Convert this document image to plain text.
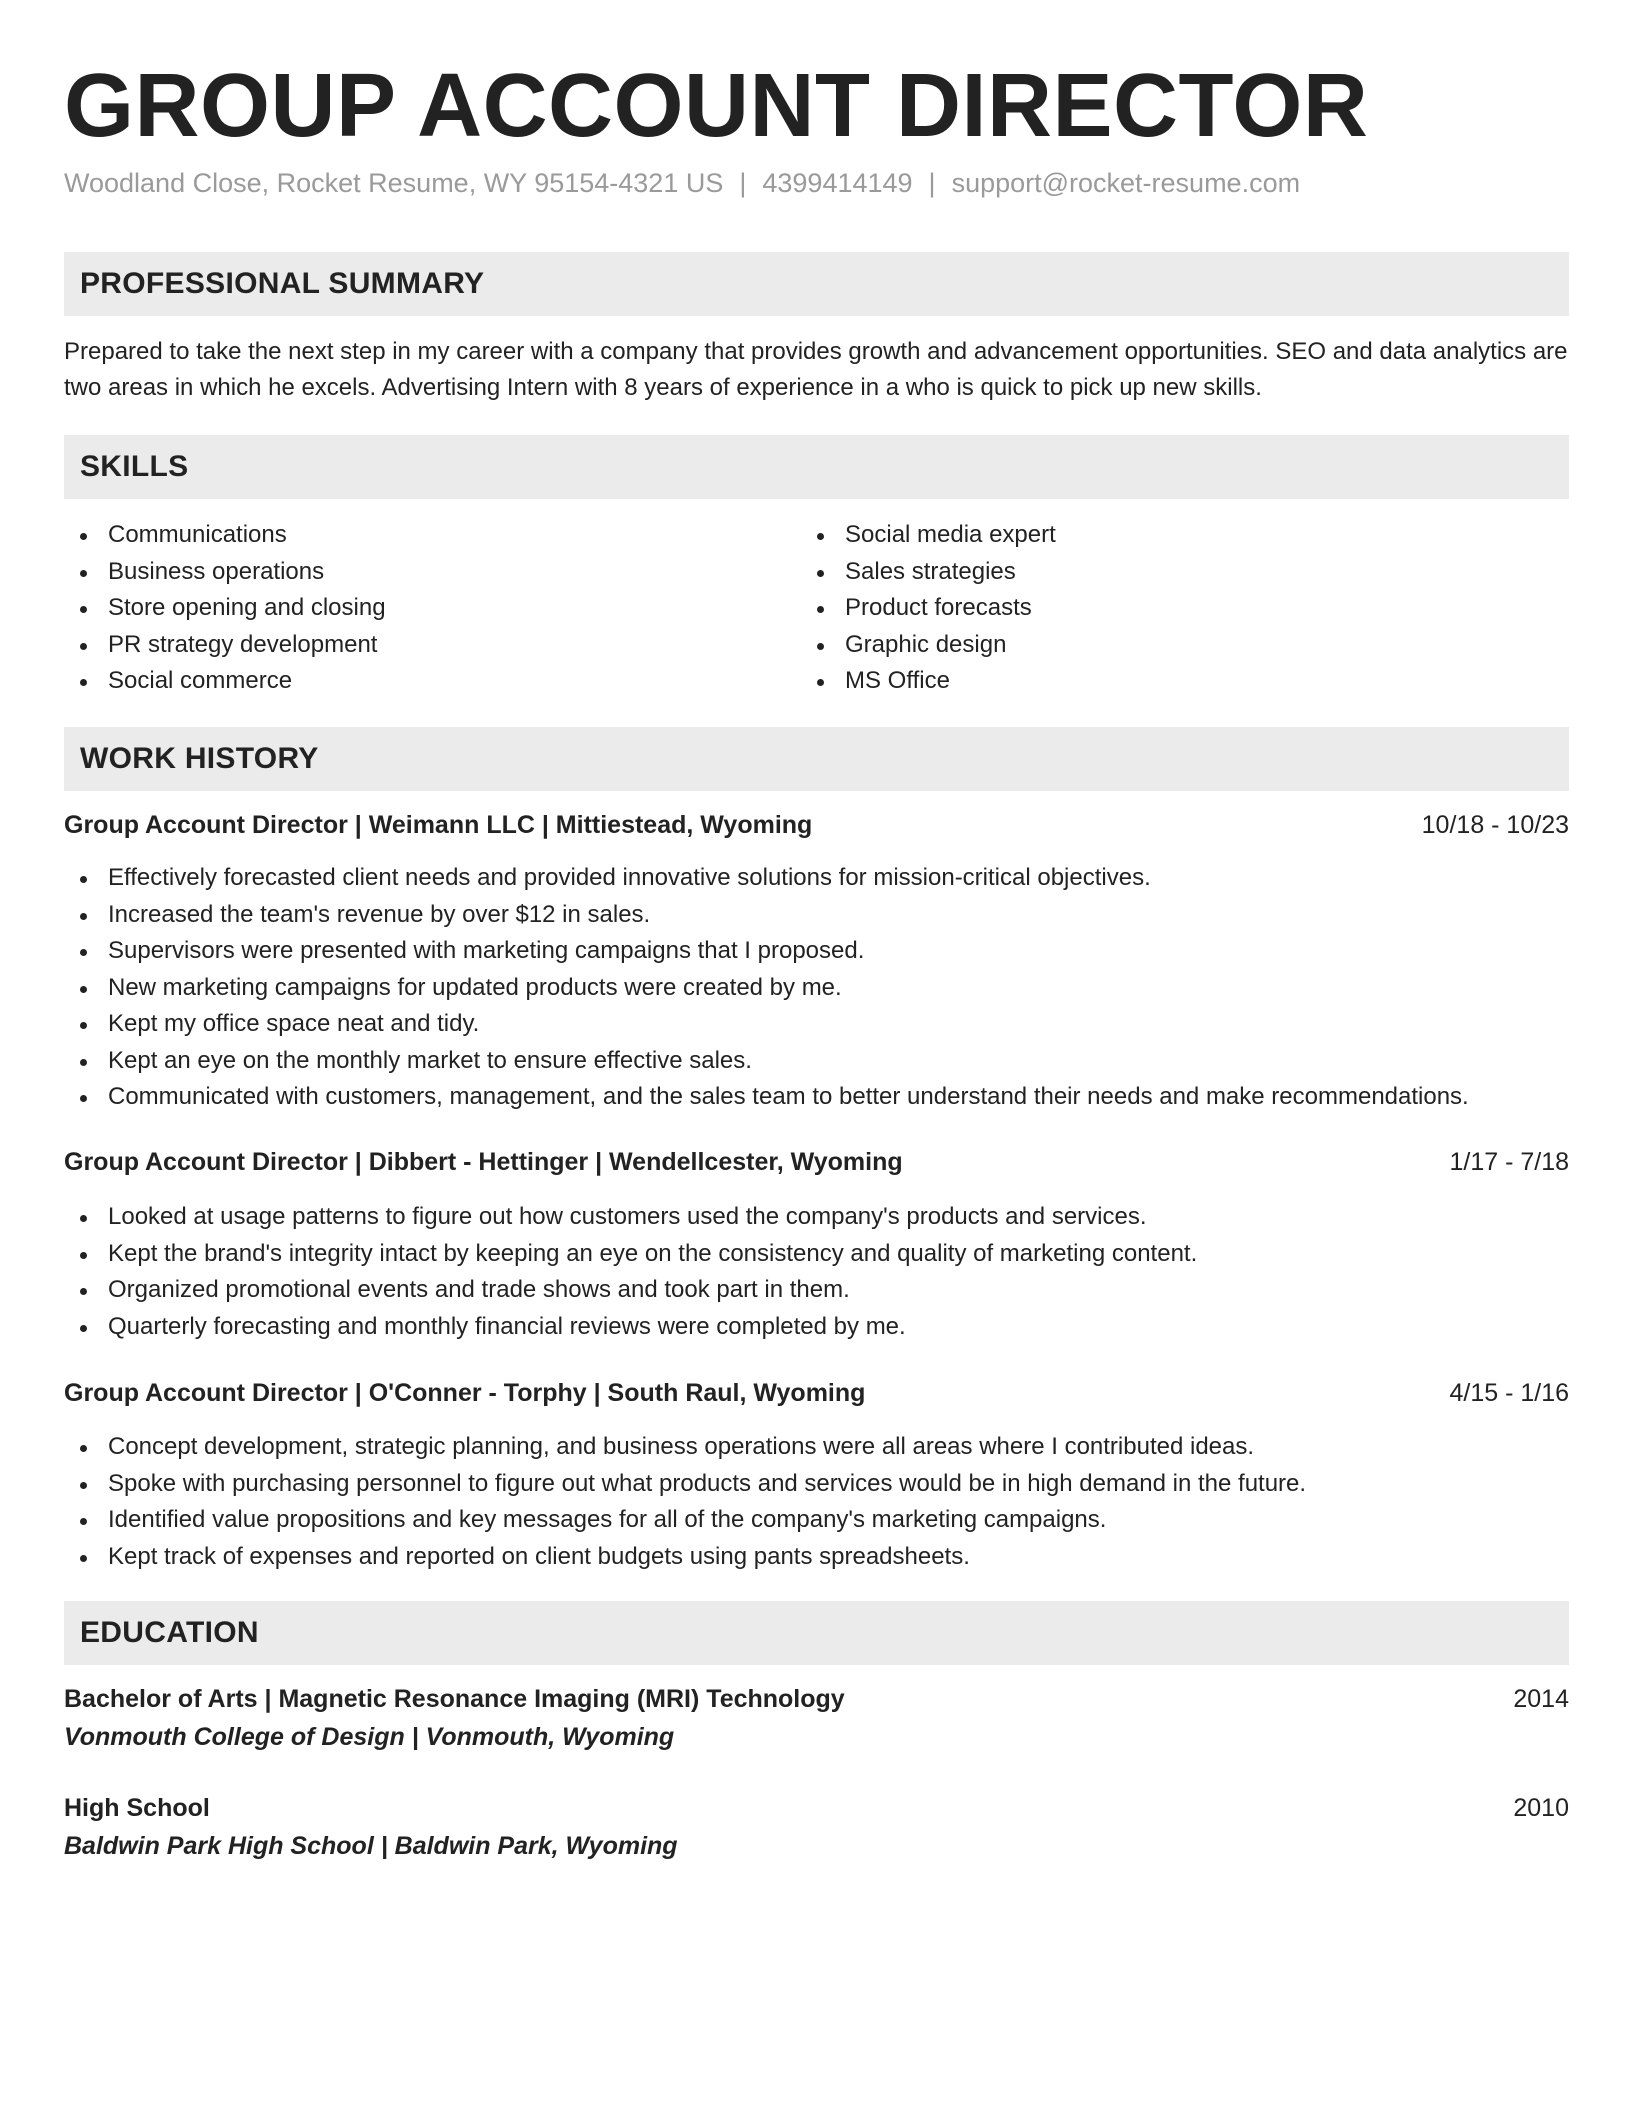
GROUP ACCOUNT DIRECTOR
Woodland Close, Rocket Resume, WY 95154-4321 US | 4399414149 | support@rocket-resume.com
PROFESSIONAL SUMMARY
Prepared to take the next step in my career with a company that provides growth and advancement opportunities. SEO and data analytics are two areas in which he excels. Advertising Intern with 8 years of experience in a who is quick to pick up new skills.
SKILLS
Communications
Business operations
Store opening and closing
PR strategy development
Social commerce
Social media expert
Sales strategies
Product forecasts
Graphic design
MS Office
WORK HISTORY
Group Account Director | Weimann LLC | Mittiestead, Wyoming	10/18 - 10/23
Effectively forecasted client needs and provided innovative solutions for mission-critical objectives.
Increased the team's revenue by over $12 in sales.
Supervisors were presented with marketing campaigns that I proposed.
New marketing campaigns for updated products were created by me.
Kept my office space neat and tidy.
Kept an eye on the monthly market to ensure effective sales.
Communicated with customers, management, and the sales team to better understand their needs and make recommendations.
Group Account Director | Dibbert - Hettinger | Wendellcester, Wyoming	1/17 - 7/18
Looked at usage patterns to figure out how customers used the company's products and services.
Kept the brand's integrity intact by keeping an eye on the consistency and quality of marketing content.
Organized promotional events and trade shows and took part in them.
Quarterly forecasting and monthly financial reviews were completed by me.
Group Account Director | O'Conner - Torphy | South Raul, Wyoming	4/15 - 1/16
Concept development, strategic planning, and business operations were all areas where I contributed ideas.
Spoke with purchasing personnel to figure out what products and services would be in high demand in the future.
Identified value propositions and key messages for all of the company's marketing campaigns.
Kept track of expenses and reported on client budgets using pants spreadsheets.
EDUCATION
Bachelor of Arts | Magnetic Resonance Imaging (MRI) Technology	2014
Vonmouth College of Design | Vonmouth, Wyoming
High School	2010
Baldwin Park High School | Baldwin Park, Wyoming
